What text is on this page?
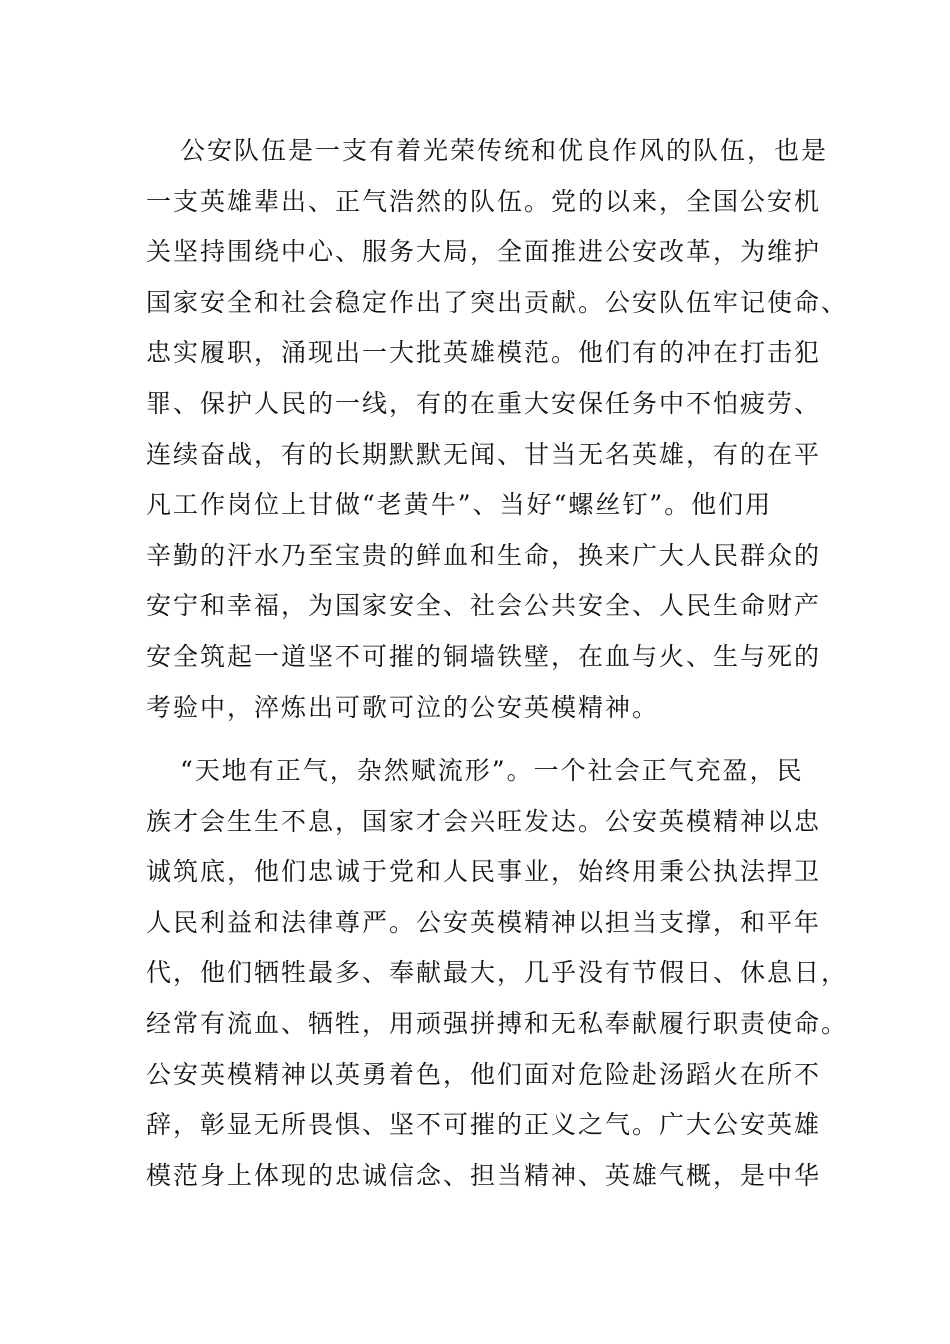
公安队伍是一支有着光荣传统和优良作风的队伍，也是
一支英雄辈出、正气浩然的队伍。党的以来，全国公安机
关坚持围绕中心、服务大局，全面推进公安改革，为维护
国家安全和社会稳定作出了突出贡献。公安队伍牢记使命、
忠实履职，涌现出一大批英雄模范。他们有的冲在打击犯
罪、保护人民的一线，有的在重大安保任务中不怕疲劳、
连续奋战，有的长期默默无闻、甘当无名英雄，有的在平
凡工作岗位上甘做“老黄牛”、当好“螺丝钉”。他们用
辛勤的汗水乃至宝贵的鲜血和生命，换来广大人民群众的
安宁和幸福，为国家安全、社会公共安全、人民生命财产
安全筑起一道坚不可摧的铜墙铁壁，在血与火、生与死的
考验中，淬炼出可歌可泣的公安英模精神。
“天地有正气，杂然赋流形”。一个社会正气充盈，民
族才会生生不息，国家才会兴旺发达。公安英模精神以忠
诚筑底，他们忠诚于党和人民事业，始终用秉公执法捍卫
人民利益和法律尊严。公安英模精神以担当支撑，和平年
代，他们牺牲最多、奉献最大，几乎没有节假日、休息日，
经常有流血、牺牲，用顽强拼搏和无私奉献履行职责使命。
公安英模精神以英勇着色，他们面对危险赴汤蹈火在所不
辞，彰显无所畏惧、坚不可摧的正义之气。广大公安英雄
模范身上体现的忠诚信念、担当精神、英雄气概，是中华
